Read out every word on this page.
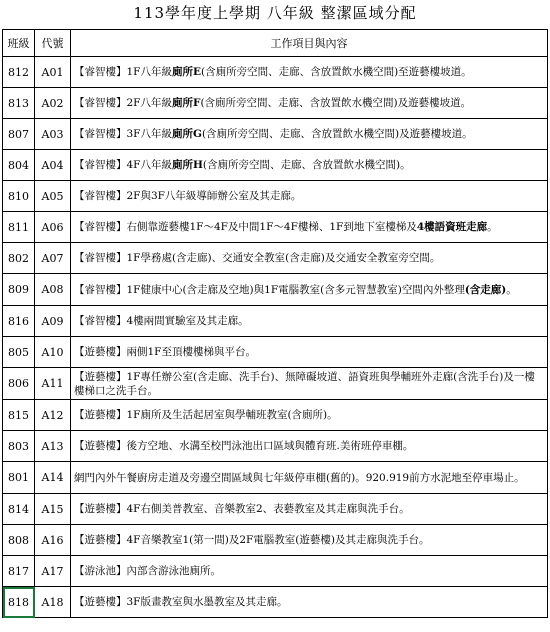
113學年度上學期 八年級 整潔區域分配
班級	代號	工作項目與內容
812	A01	【睿智樓】1F八年級廁所E(含廁所旁空間、走廊、含放置飲水機空間)至遊藝樓坡道。
813	A02	【睿智樓】2F八年級廁所F(含廁所旁空間、走廊、含放置飲水機空間)及遊藝樓坡道。
807	A03	【睿智樓】3F八年級廁所G(含廁所旁空間、走廊、含放置飲水機空間)及遊藝樓坡道。
804	A04	【睿智樓】4F八年級廁所H(含廁所旁空間、走廊、含放置飲水機空間)。
810	A05	【睿智樓】2F與3F八年級導師辦公室及其走廊。
811	A06	【睿智樓】右側靠遊藝樓1F～4F及中間1F～4F樓梯、1F到地下室樓梯及4樓語資班走廊。
802	A07	【睿智樓】1F學務處(含走廊)、交通安全教室(含走廊)及交通安全教室旁空間。
809	A08	【睿智樓】1F健康中心(含走廊及空地)與1F電腦教室(含多元智慧教室)空間內外整理(含走廊)。
816	A09	【睿智樓】4樓兩間實驗室及其走廊。
805	A10	【遊藝樓】兩側1F至頂樓樓梯與平台。
806	A11	【遊藝樓】1F專任辦公室(含走廊、洗手台)、無障礙坡道、語資班與學輔班外走廊(含洗手台)及一樓樓梯口之洗手台。
815	A12	【遊藝樓】1F廁所及生活起居室與學輔班教室(含廁所)。
803	A13	【遊藝樓】後方空地、水溝至校門泳池出口區域與體育班.美術班停車棚。
801	A14	網門內外午餐廚房走道及旁邊空間區域與七年級停車棚(舊的)。920.919前方水泥地至停車場止。
814	A15	【遊藝樓】4F右側美普教室、音樂教室2、表藝教室及其走廊與洗手台。
808	A16	【遊藝樓】4F音樂教室1(第一間)及2F電腦教室(遊藝樓)及其走廊與洗手台。
817	A17	【游泳池】內部含游泳池廁所。
818	A18	【遊藝樓】3F版畫教室與水墨教室及其走廊。
